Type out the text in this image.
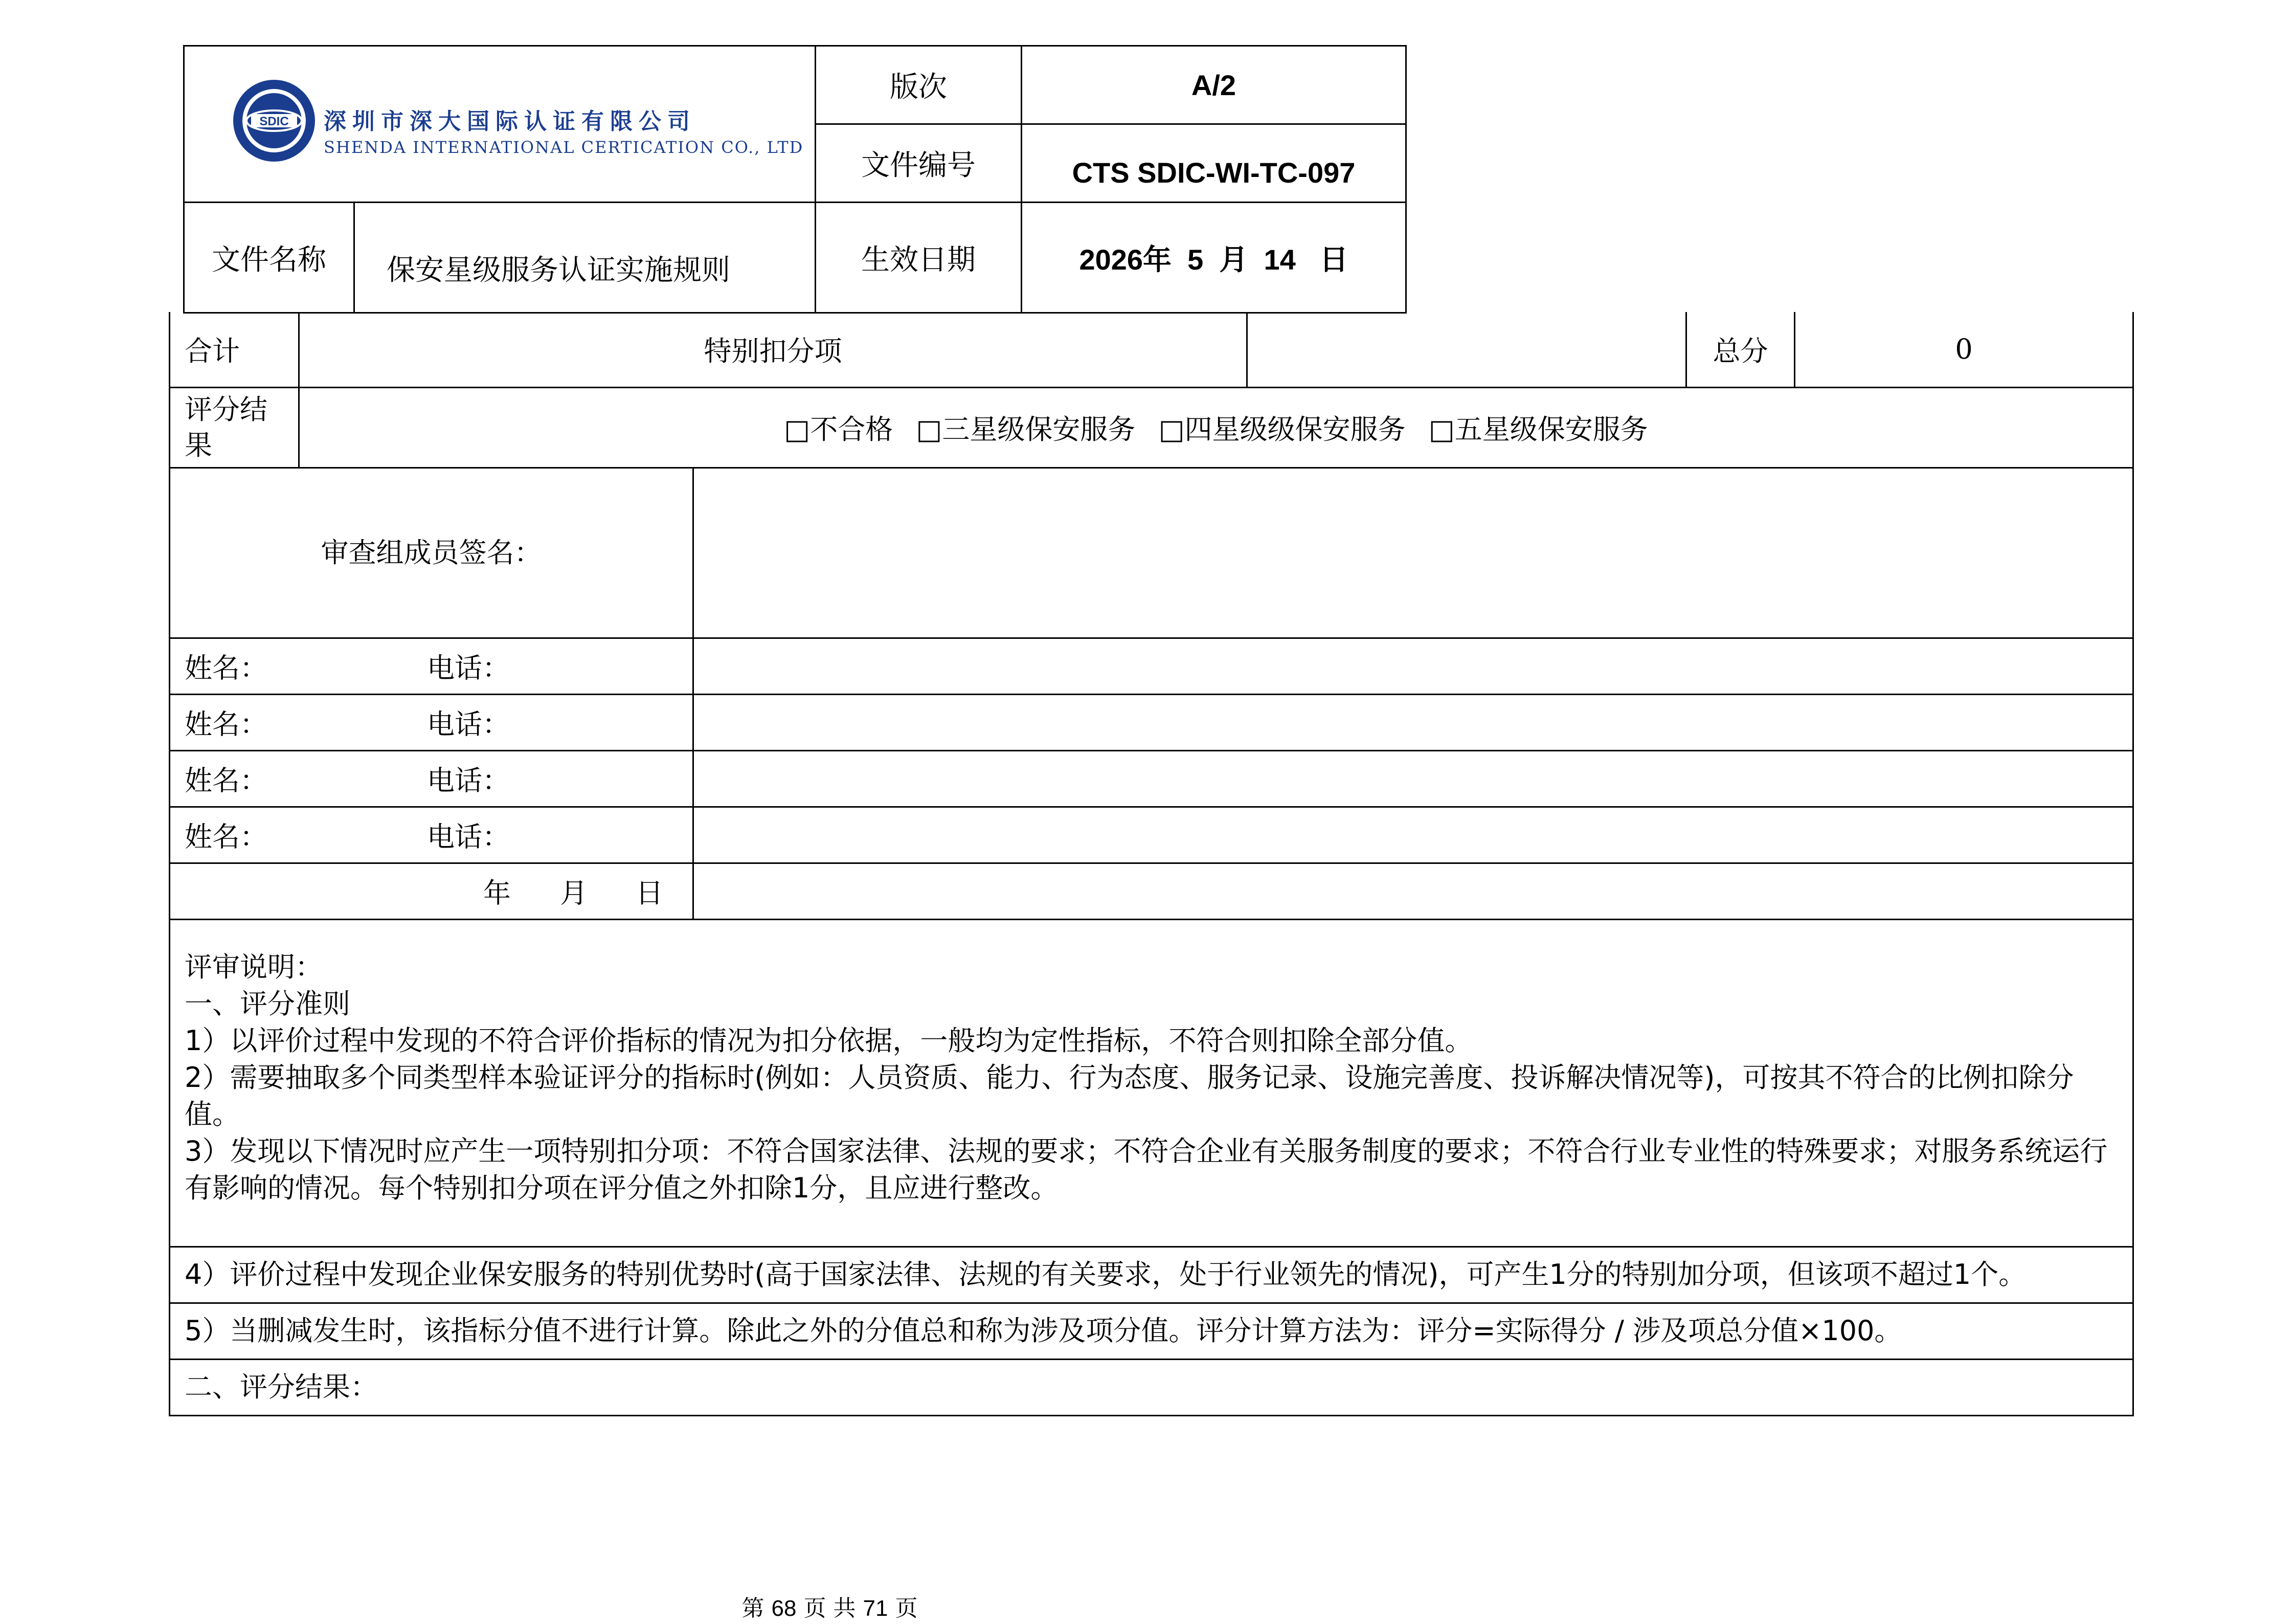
SDIC 深圳市深大国际认证有限公司
SHENDA INTERNATIONAL CERTICATION CO., LTD		版次	A/2
		文件编号	CTS SDIC-WI-TC-097
文件名称	保安星级服务认证实施规则	生效日期	2026年  5  月  14   日
合计	特别扣分项			总分	0
评分结果	□不合格 □三星级保安服务 □四星级级保安服务 □五星级保安服务				
审查组成员签名：					

姓名： 电话：					

姓名： 电话：					

姓名： 电话：					

姓名： 电话：					

年 月 日					

评审说明：
一、评分准则
1）以评价过程中发现的不符合评价指标的情况为扣分依据，一般均为定性指标，不符合则扣除全部分值。
2）需要抽取多个同类型样本验证评分的指标时(例如：人员资质、能力、行为态度、服务记录、设施完善度、投诉解决情况等)，可按其不符合的比例扣除分值。
3）发现以下情况时应产生一项特别扣分项：不符合国家法律、法规的要求；不符合企业有关服务制度的要求；不符合行业专业性的特殊要求；对服务系统运行有影响的情况。每个特别扣分项在评分值之外扣除1分，且应进行整改。					

4）评价过程中发现企业保安服务的特别优势时(高于国家法律、法规的有关要求，处于行业领先的情况)，可产生1分的特别加分项，但该项不超过1个。					
5）当删减发生时，该指标分值不进行计算。除此之外的分值总和称为涉及项分值。评分计算方法为：评分=实际得分 / 涉及项总分值×100。					
二、评分结果：					
第 68 页 共 71 页
